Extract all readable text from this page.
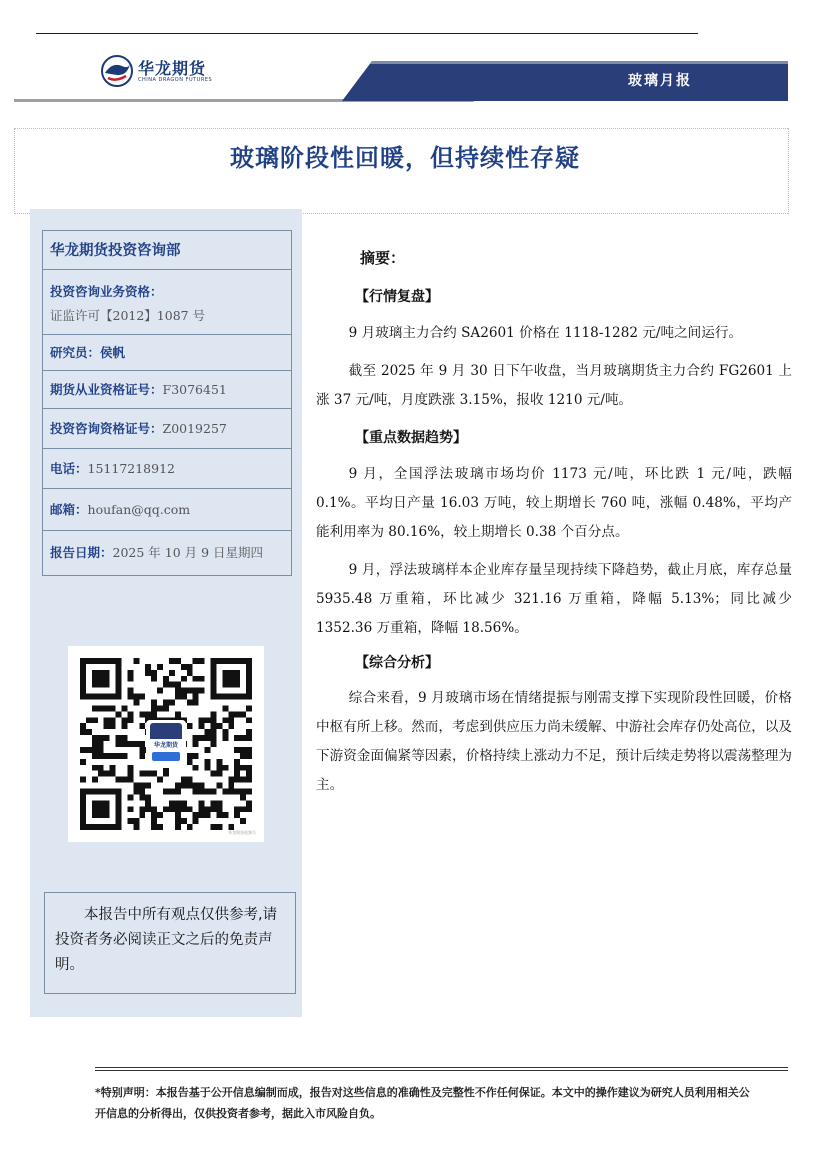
华龙期货
CHINA DRAGON FUTURES	玻璃月报
玻璃阶段性回暖，但持续性存疑
华龙期货投资咨询部
投资咨询业务资格：
证监许可【2012】1087 号
研究员：侯帆
期货从业资格证号：F3076451
投资咨询资格证号：Z0019257
电话：15117218912
邮箱：houfan@qq.com
报告日期：2025 年 10 月 9 日星期四
华龙期货
华龙期货视频号
本报告中所有观点仅供参考,请投资者务必阅读正文之后的免责声明。
摘要：
【行情复盘】
9 月玻璃主力合约 SA2601 价格在 1118-1282 元/吨之间运行。
截至 2025 年 9 月 30 日下午收盘，当月玻璃期货主力合约 FG2601 上涨 37 元/吨，月度跌涨 3.15%，报收 1210 元/吨。
【重点数据趋势】
9 月，全国浮法玻璃市场均价 1173 元/吨，环比跌 1 元/吨，跌幅 0.1%。平均日产量 16.03 万吨，较上期增长 760 吨，涨幅 0.48%，平均产能利用率为 80.16%，较上期增长 0.38 个百分点。
9 月，浮法玻璃样本企业库存量呈现持续下降趋势，截止月底，库存总量 5935.48 万重箱，环比减少 321.16 万重箱，降幅 5.13%；同比减少 1352.36 万重箱，降幅 18.56%。
【综合分析】
综合来看，9 月玻璃市场在情绪提振与刚需支撑下实现阶段性回暖，价格中枢有所上移。然而，考虑到供应压力尚未缓解、中游社会库存仍处高位，以及下游资金面偏紧等因素，价格持续上涨动力不足，预计后续走势将以震荡整理为主。
*特别声明：本报告基于公开信息编制而成，报告对这些信息的准确性及完整性不作任何保证。本文中的操作建议为研究人员利用相关公开信息的分析得出，仅供投资者参考，据此入市风险自负。
